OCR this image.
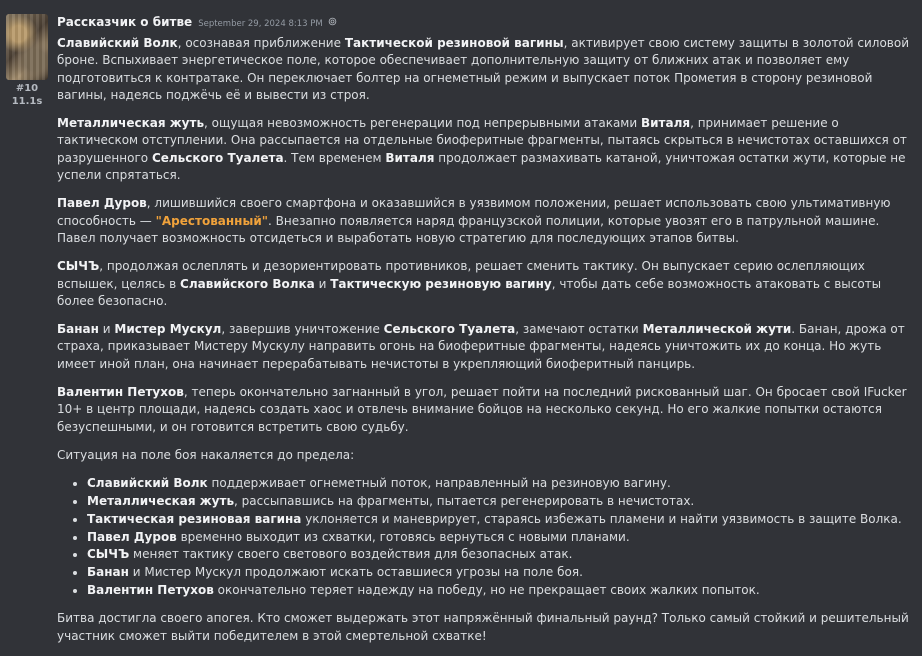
#10
11.1s
Рассказчик о битве September 29, 2024 8:13 PM

Славийский Волк, осознавая приближение Тактической резиновой вагины, активирует свою систему защиты в золотой силовой броне. Вспыхивает энергетическое поле, которое обеспечивает дополнительную защиту от ближних атак и позволяет ему подготовиться к контратаке. Он переключает болтер на огнеметный режим и выпускает поток Прометия в сторону резиновой вагины, надеясь поджёчь её и вывести из строя.

Металлическая жуть, ощущая невозможность регенерации под непрерывными атаками Виталя, принимает решение о тактическом отступлении. Она рассыпается на отдельные биоферитные фрагменты, пытаясь скрыться в нечистотах оставшихся от разрушенного Сельского Туалета. Тем временем Виталя продолжает размахивать катаной, уничтожая остатки жути, которые не успели спрятаться.

Павел Дуров, лишившийся своего смартфона и оказавшийся в уязвимом положении, решает использовать свою ультимативную способность — "Арестованный". Внезапно появляется наряд французской полиции, которые увозят его в патрульной машине. Павел получает возможность отсидеться и выработать новую стратегию для последующих этапов битвы.

СЫЧЪ, продолжая ослеплять и дезориентировать противников, решает сменить тактику. Он выпускает серию ослепляющих вспышек, целясь в Славийского Волка и Тактическую резиновую вагину, чтобы дать себе возможность атаковать с высоты более безопасно.

Банан и Мистер Мускул, завершив уничтожение Сельского Туалета, замечают остатки Металлической жути. Банан, дрожа от страха, приказывает Мистеру Мускулу направить огонь на биоферитные фрагменты, надеясь уничтожить их до конца. Но жуть имеет иной план, она начинает перерабатывать нечистоты в укрепляющий биоферитный панцирь.

Валентин Петухов, теперь окончательно загнанный в угол, решает пойти на последний рискованный шаг. Он бросает свой IFucker 10+ в центр площади, надеясь создать хаос и отвлечь внимание бойцов на несколько секунд. Но его жалкие попытки остаются безуспешными, и он готовится встретить свою судьбу.

Ситуация на поле боя накаляется до предела:

• Славийский Волк поддерживает огнеметный поток, направленный на резиновую вагину.
• Металлическая жуть, рассыпавшись на фрагменты, пытается регенерировать в нечистотах.
• Тактическая резиновая вагина уклоняется и маневрирует, стараясь избежать пламени и найти уязвимость в защите Волка.
• Павел Дуров временно выходит из схватки, готовясь вернуться с новыми планами.
• СЫЧЪ меняет тактику своего светового воздействия для безопасных атак.
• Банан и Мистер Мускул продолжают искать оставшиеся угрозы на поле боя.
• Валентин Петухов окончательно теряет надежду на победу, но не прекращает своих жалких попыток.

Битва достигла своего апогея. Кто сможет выдержать этот напряжённый финальный раунд? Только самый стойкий и решительный участник сможет выйти победителем в этой смертельной схватке!
